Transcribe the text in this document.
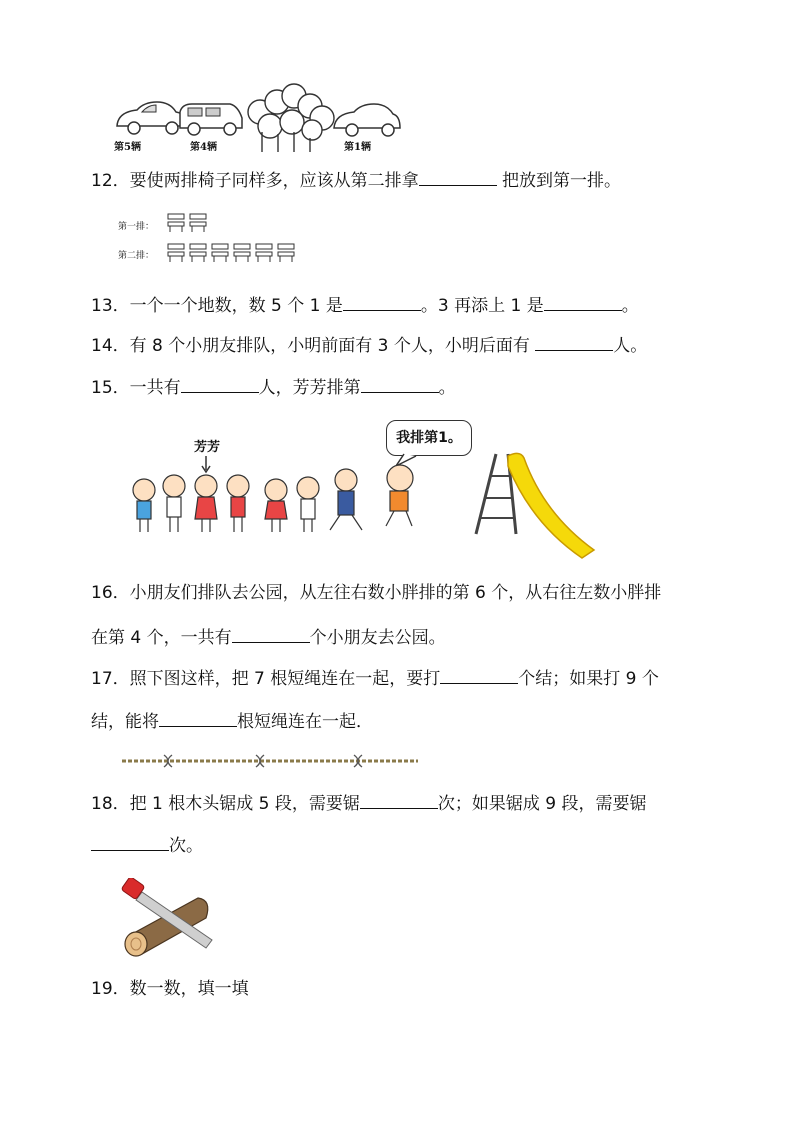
第5辆	第4辆	第1辆
12．要使两排椅子同样多，应该从第二排拿	把放到第一排。
第一排：
第二排：
13．一个一个地数，数 5 个 1 是	。3 再添上 1 是	。
14．有 8 个小朋友排队，小明前面有 3 个人，小明后面有	人。
15．一共有	人，芳芳排第	。
芳芳
我排第1。
16．小朋友们排队去公园，从左往右数小胖排的第 6 个，从右往左数小胖排
在第 4 个，一共有	个小朋友去公园。
17．照下图这样，把 7 根短绳连在一起，要打	个结；如果打 9 个
结，能将	根短绳连在一起．
18．把 1 根木头锯成 5 段，需要锯	次；如果锯成 9 段，需要锯
次。
19．数一数，填一填
